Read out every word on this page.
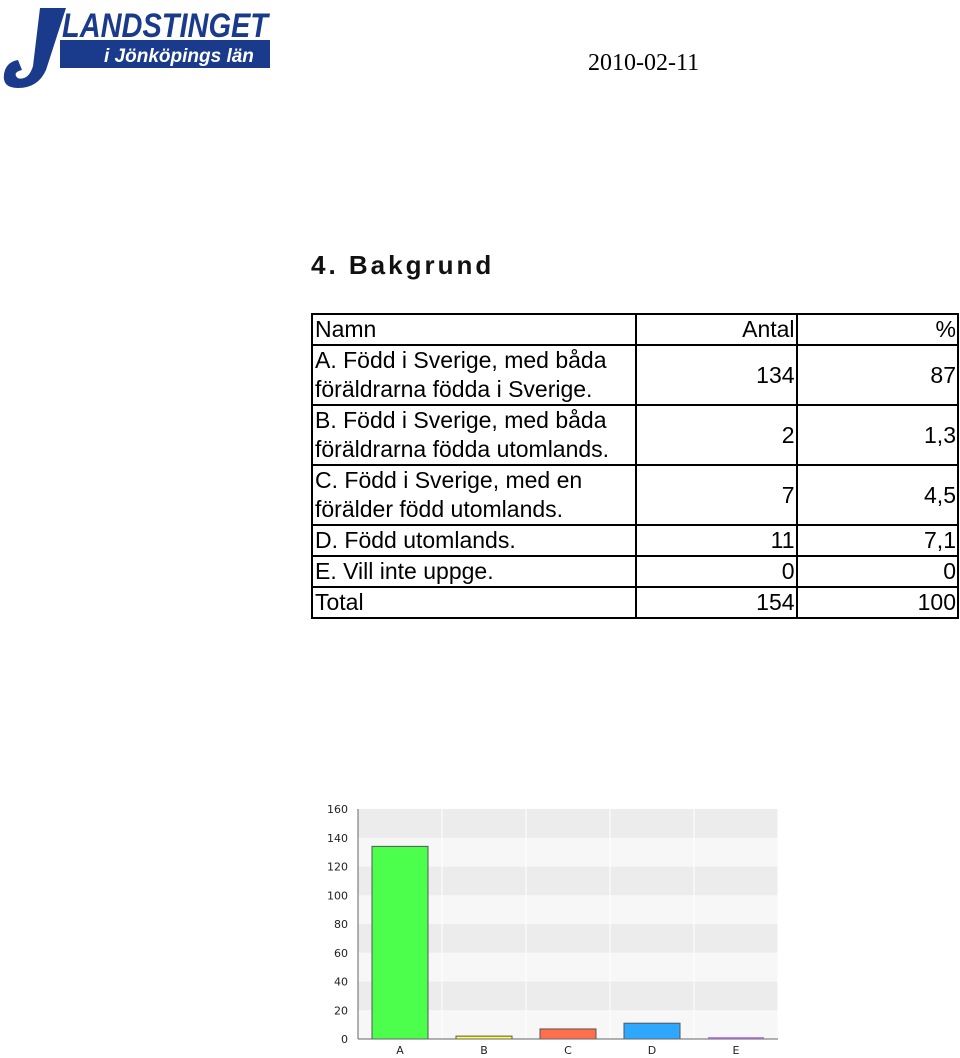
LANDSTINGET
i Jönköpings län	2010-02-11
4. Bakgrund
Namn	Antal	%
A. Född i Sverige, med båda föräldrarna födda i Sverige.	134	87
B. Född i Sverige, med båda föräldrarna födda utomlands.	2	1,3
C. Född i Sverige, med en förälder född utomlands.	7	4,5
D. Född utomlands.	11	7,1
E. Vill inte uppge.	0	0
Total	154	100
0
20
40
60
80
100
120
140
160
A	B	C	D	E
